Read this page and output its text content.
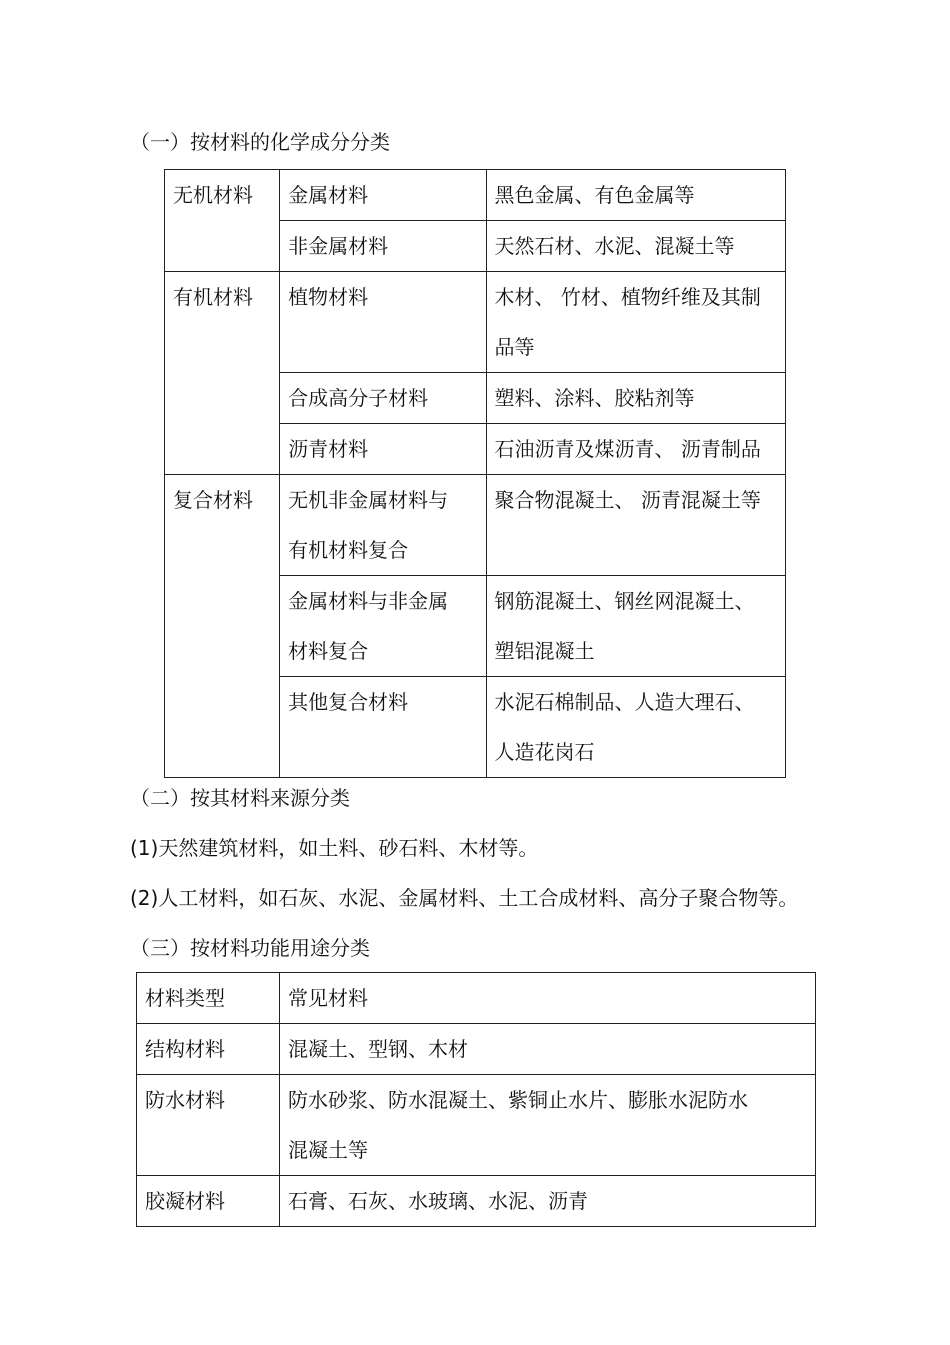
（一）按材料的化学成分分类
无机材料	金属材料	黑色金属、有色金属等

	非金属材料	天然石材、水泥、混凝土等

有机材料	植物材料	木材、 竹材、植物纤维及其制
品等

	合成高分子材料	塑料、涂料、胶粘剂等

	沥青材料	石油沥青及煤沥青、 沥青制品

复合材料	无机非金属材料与
有机材料复合	聚合物混凝土、 沥青混凝土等

	金属材料与非金属
材料复合	钢筋混凝土、钢丝网混凝土、
塑铝混凝土

	其他复合材料	水泥石棉制品、人造大理石、
人造花岗石
（二）按其材料来源分类
(1)天然建筑材料，如土料、砂石料、木材等。
(2)人工材料，如石灰、水泥、金属材料、土工合成材料、高分子聚合物等。
（三）按材料功能用途分类
材料类型	常见材料

结构材料	混凝土、型钢、木材

防水材料	防水砂浆、防水混凝土、紫铜止水片、膨胀水泥防水
混凝土等

胶凝材料	石膏、石灰、水玻璃、水泥、沥青
